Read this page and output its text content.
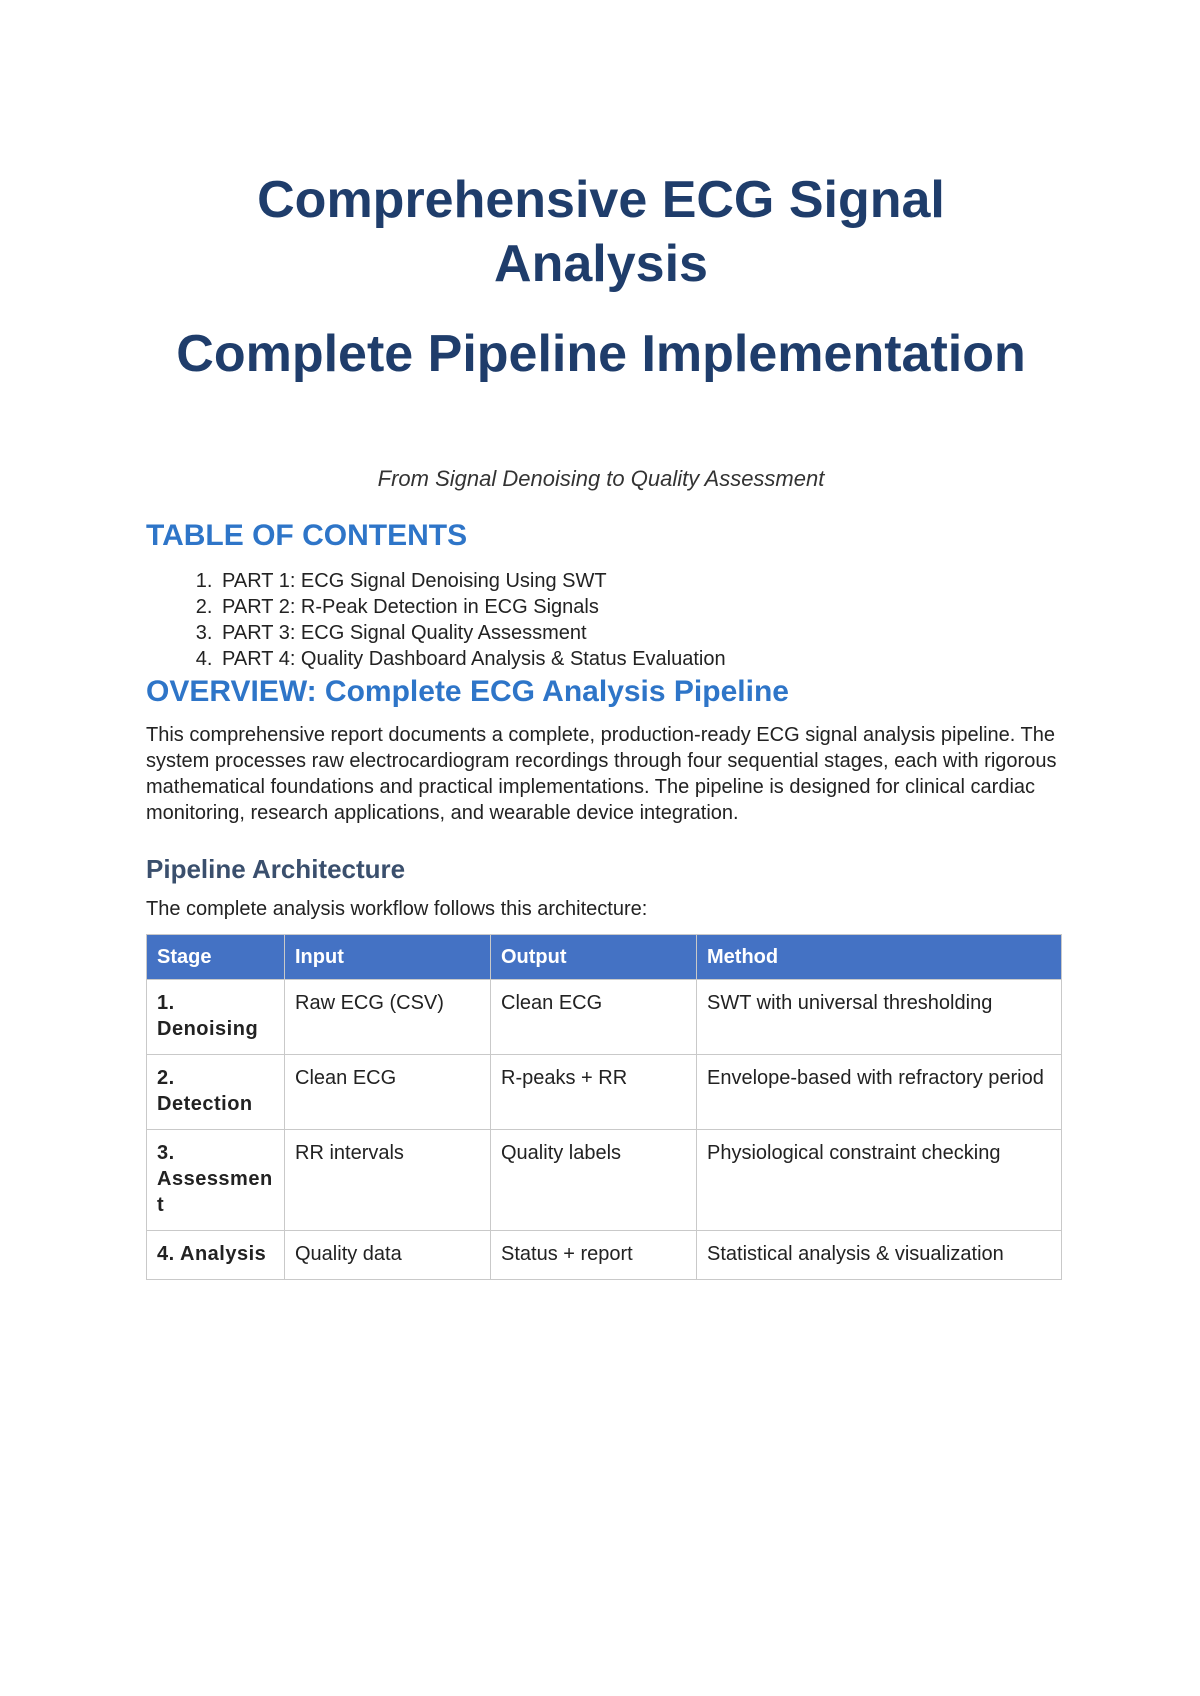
Comprehensive ECG Signal Analysis
Complete Pipeline Implementation
From Signal Denoising to Quality Assessment
TABLE OF CONTENTS
1. PART 1: ECG Signal Denoising Using SWT
2. PART 2: R-Peak Detection in ECG Signals
3. PART 3: ECG Signal Quality Assessment
4. PART 4: Quality Dashboard Analysis & Status Evaluation
OVERVIEW: Complete ECG Analysis Pipeline

This comprehensive report documents a complete, production-ready ECG signal analysis pipeline. The system processes raw electrocardiogram recordings through four sequential stages, each with rigorous mathematical foundations and practical implementations. The pipeline is designed for clinical cardiac monitoring, research applications, and wearable device integration.

Pipeline Architecture

The complete analysis workflow follows this architecture:

Stage	Input	Output	Method
1. Denoising	Raw ECG (CSV)	Clean ECG	SWT with universal thresholding
2. Detection	Clean ECG	R-peaks + RR	Envelope-based with refractory period
3. Assessment	RR intervals	Quality labels	Physiological constraint checking
4. Analysis	Quality data	Status + report	Statistical analysis & visualization
